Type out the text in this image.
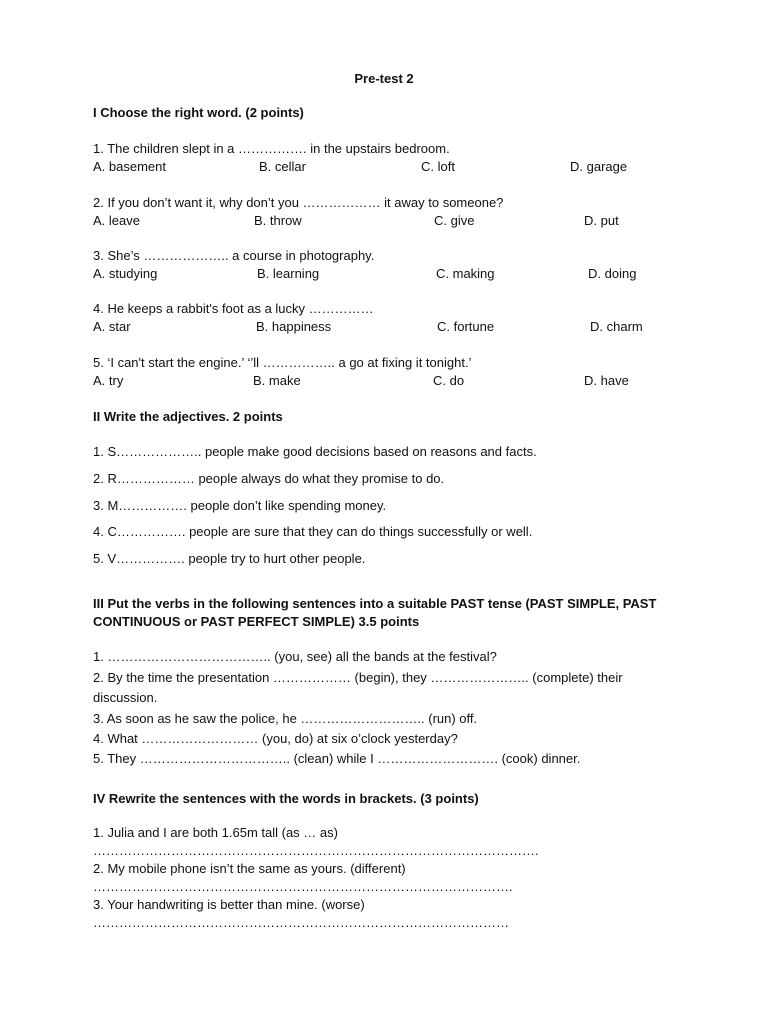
Pre-test 2
I Choose the right word. (2 points)
1. The children slept in a ……………. in the upstairs bedroom.
A. basement	B. cellar	C. loft	D. garage
2. If you don’t want it, why don’t you ……………… it away to someone?
A. leave	B. throw	C. give	D. put
3. She’s ……………….. a course in photography.
A. studying	B. learning	C. making	D. doing
4. He keeps a rabbit's foot as a lucky ……………
A. star	B. happiness	C. fortune	D. charm
5. ‘I can't start the engine.’ ‘’ll …………….. a go at fixing it tonight.’
A. try	B. make	C. do	D. have
II Write the adjectives. 2 points
1. S……………….. people make good decisions based on reasons and facts.
2. R……………… people always do what they promise to do.
3. M……………. people don’t like spending money.
4. C……………. people are sure that they can do things successfully or well.
5. V……………. people try to hurt other people.
III Put the verbs in the following sentences into a suitable PAST tense (PAST SIMPLE, PAST
CONTINUOUS or PAST PERFECT SIMPLE) 3.5 points
1. ……………………………….. (you, see) all the bands at the festival?
2. By the time the presentation ……………… (begin), they ………………….. (complete) their
discussion.
3. As soon as he saw the police, he ……………………….. (run) off.
4. What ……………………… (you, do) at six o’clock yesterday?
5. They …………………………….. (clean) while I ………………………. (cook) dinner.
IV Rewrite the sentences with the words in brackets. (3 points)
1. Julia and I are both 1.65m tall (as … as)
………………………………………………………………………………………….
2. My mobile phone isn’t the same as yours. (different)
…………………………………………………………………………………….
3. Your handwriting is better than mine. (worse)
……………………………………………………………………………………
